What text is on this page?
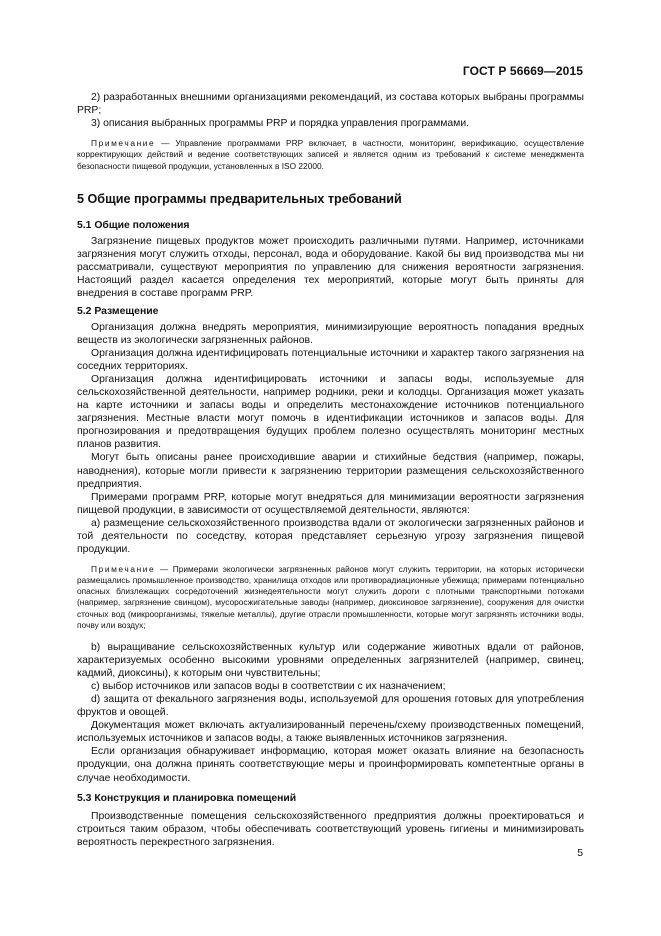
ГОСТ Р 56669—2015

2) разработанных внешними организациями рекомендаций, из состава которых выбраны программы PRP;

3) описания выбранных программы PRP и порядка управления программами.

Примечание — Управление программами PRP включает, в частности, мониторинг, верификацию, осуществление корректирующих действий и ведение соответствующих записей и является одним из требований к системе менеджмента безопасности пищевой продукции, установленных в ISO 22000.

5 Общие программы предварительных требований
5.1 Общие положения

Загрязнение пищевых продуктов может происходить различными путями. Например, источниками загрязнения могут служить отходы, персонал, вода и оборудование. Какой бы вид производства мы ни рассматривали, существуют мероприятия по управлению для снижения вероятности загрязнения. Настоящий раздел касается определения тех мероприятий, которые могут быть приняты для внедрения в составе программ PRP.

5.2 Размещение

Организация должна внедрять мероприятия, минимизирующие вероятность попадания вредных веществ из экологически загрязненных районов.

Организация должна идентифицировать потенциальные источники и характер такого загрязнения на соседних территориях.

Организация должна идентифицировать источники и запасы воды, используемые для сельскохозяйственной деятельности, например родники, реки и колодцы. Организация может указать на карте источники и запасы воды и определить местонахождение источников потенциального загрязнения. Местные власти могут помочь в идентификации источников и запасов воды. Для прогнозирования и предотвращения будущих проблем полезно осуществлять мониторинг местных планов развития.

Могут быть описаны ранее происходившие аварии и стихийные бедствия (например, пожары, наводнения), которые могли привести к загрязнению территории размещения сельскохозяйственного предприятия.

Примерами программ PRP, которые могут внедряться для минимизации вероятности загрязнения пищевой продукции, в зависимости от осуществляемой деятельности, являются:

а) размещение сельскохозяйственного производства вдали от экологически загрязненных районов и той деятельности по соседству, которая представляет серьезную угрозу загрязнения пищевой продукции.

Примечание — Примерами экологически загрязненных районов могут служить территории, на которых исторически размещались промышленное производство, хранилища отходов или противорадиационные убежища; примерами потенциально опасных близлежащих сосредоточений жизнедеятельности могут служить дороги с плотными транспортными потоками (например, загрязнение свинцом), мусоросжигательные заводы (например, диоксиновое загрязнение), сооружения для очистки сточных вод (микроорганизмы, тяжелые металлы), другие отрасли промышленности, которые могут загрязнять источники воды, почву или воздух;

b) выращивание сельскохозяйственных культур или содержание животных вдали от районов, характеризуемых особенно высокими уровнями определенных загрязнителей (например, свинец, кадмий, диоксины), к которым они чувствительны;

c) выбор источников или запасов воды в соответствии с их назначением;

d) защита от фекального загрязнения воды, используемой для орошения готовых для употребления фруктов и овощей.

Документация может включать актуализированный перечень/схему производственных помещений, используемых источников и запасов воды, а также выявленных источников загрязнения.

Если организация обнаруживает информацию, которая может оказать влияние на безопасность продукции, она должна принять соответствующие меры и проинформировать компетентные органы в случае необходимости.

5.3 Конструкция и планировка помещений

Производственные помещения сельскохозяйственного предприятия должны проектироваться и строиться таким образом, чтобы обеспечивать соответствующий уровень гигиены и минимизировать вероятность перекрестного загрязнения.

5
